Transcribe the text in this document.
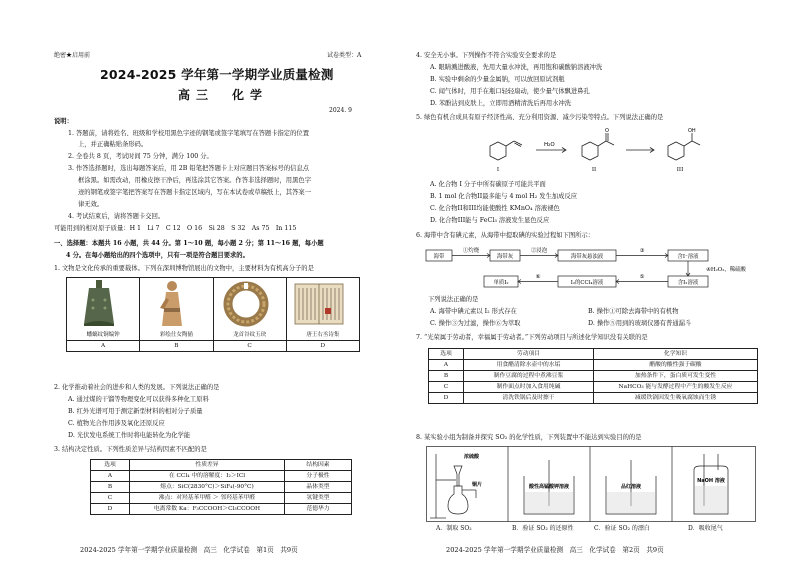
绝密★启用前	试卷类型：A
2024-2025 学年第一学期学业质量检测
高三　化学
2024. 9
说明：
1. 答题前，请将姓名、班级和学校用黑色字迹的钢笔或签字笔填写在答题卡指定的位置
上，并正确粘贴条形码。
2. 全卷共 8 页，考试时间 75 分钟，满分 100 分。
3. 作答选择题时，选出每题答案后，用 2B 铅笔把答题卡上对应题目答案标号的信息点
框涂黑。如需改动，用橡皮擦干净后，再选涂其它答案。作答非选择题时，用黑色字
迹的钢笔或签字笔把答案写在答题卡指定区域内，写在本试卷或草稿纸上，其答案一
律无效。
4. 考试结束后，请将答题卡交回。
可能用到的相对原子质量：H 1　Li 7　C 12　O 16　Si 28　S 32　As 75　In 115
一、选择题：本题共 16 小题，共 44 分。第 1～10 题，每小题 2 分；第 11～16 题，每小题
4 分。在每小题给出的四个选项中，只有一项是符合题目要求的。
1. 文物是文化传承的重要载体。下列在深圳博物馆展出的文物中，主要材料为有机高分子的是
蟠螭纹铜编钟	彩绘仕女陶俑	龙首谷纹玉玦	唐王右丞诗集

A	B	C	D
2. 化学推动着社会的进步和人类的发展。下列说法正确的是
A. 通过煤的干馏等物理变化可以获得多种化工原料
B. 红外光谱可用于测定新型材料的相对分子质量
C. 植物光合作用涉及氧化还原反应
D. 光伏发电系统工作时将电能转化为化学能
3. 结构决定性质。下列性质差异与结构因素不匹配的是
选项	性质差异	结构因素
A	在 CCl₄ 中的溶解度：I₂＞ICl	分子极性
B	熔点：SiC(2830°C)＞SiF₄(-90°C)	晶体类型
C	沸点：对羟基苯甲醛 ＞ 邻羟基苯甲醛	氢键类型
D	电离常数 Ka：F₃CCOOH＞Cl₃CCOOH	范德华力
2024-2025 学年第一学期学业质量检测　高三　化学试卷　第1页　共9页
4. 安全无小事。下列操作不符合实验安全要求的是
A. 眼睛溅进酸液，先用大量水冲洗，再用饱和碳酸钠溶液冲洗
B. 实验中剩余的少量金属钠，可以放回原试剂瓶
C. 闻气体时，用手在瓶口轻轻扇动，使少量气体飘进鼻孔
D. 苯酚沾到皮肤上，立即用酒精清洗后再用水冲洗
5. 绿色有机合成具有原子经济性高、充分利用资源、减少污染等特点。下列说法正确的是
OH
O
H₂O
I	II	III
A. 化合物 I 分子中所有碳原子可能共平面
B. 1 mol 化合物II最多能与 4 mol H₂ 发生加成反应
C. 化合物II和III均能使酸性 KMnO₄ 溶液褪色
D. 化合物III能与 FeCl₃ 溶液发生显色反应
6. 海带中含有碘元素，从海带中提取碘的实验过程如下图所示：
海带	海带灰	海带灰悬浊液	含I⁻溶液
含I₂溶液
I₂的CCl₄溶液
单质I₂
①灼烧	②浸泡	③
④H₂O₂，稀硫酸
⑤
⑥
下列说法正确的是
A. 海带中碘元素以 I₂ 形式存在	B. 操作①可除去海带中的有机物
C. 操作③为过滤，操作⑥为萃取	D. 操作⑤用到的玻璃仪器有普通漏斗
7. “光荣属于劳动者，幸福属于劳动者。”下列劳动项目与所述化学知识没有关联的是
选项	劳动项目	化学知识
A	用食醋清除水壶中的水垢	醋酸的酸性强于碳酸
B	制作豆腐的过程中煮沸豆浆	加热条件下，蛋白质可发生变性
C	制作面点时加入食用纯碱	NaHCO₃ 能与发酵过程中产生的酸发生反应
D	清洗铁锅后及时擦干	减缓铁锅因发生吸氧腐蚀而生锈
8. 某实验小组为制备并探究 SO₂ 的化学性质，下列装置中不能达到实验目的的是
浓硫酸
铜片	酸性高锰酸钾溶液	品红溶液
NaOH 溶液
A．制取 SO₂	B．验证 SO₂ 的还原性	C．验证 SO₂ 的漂白	D．吸收尾气
2024-2025 学年第一学期学业质量检测　高三　化学试卷　第2页　共9页
